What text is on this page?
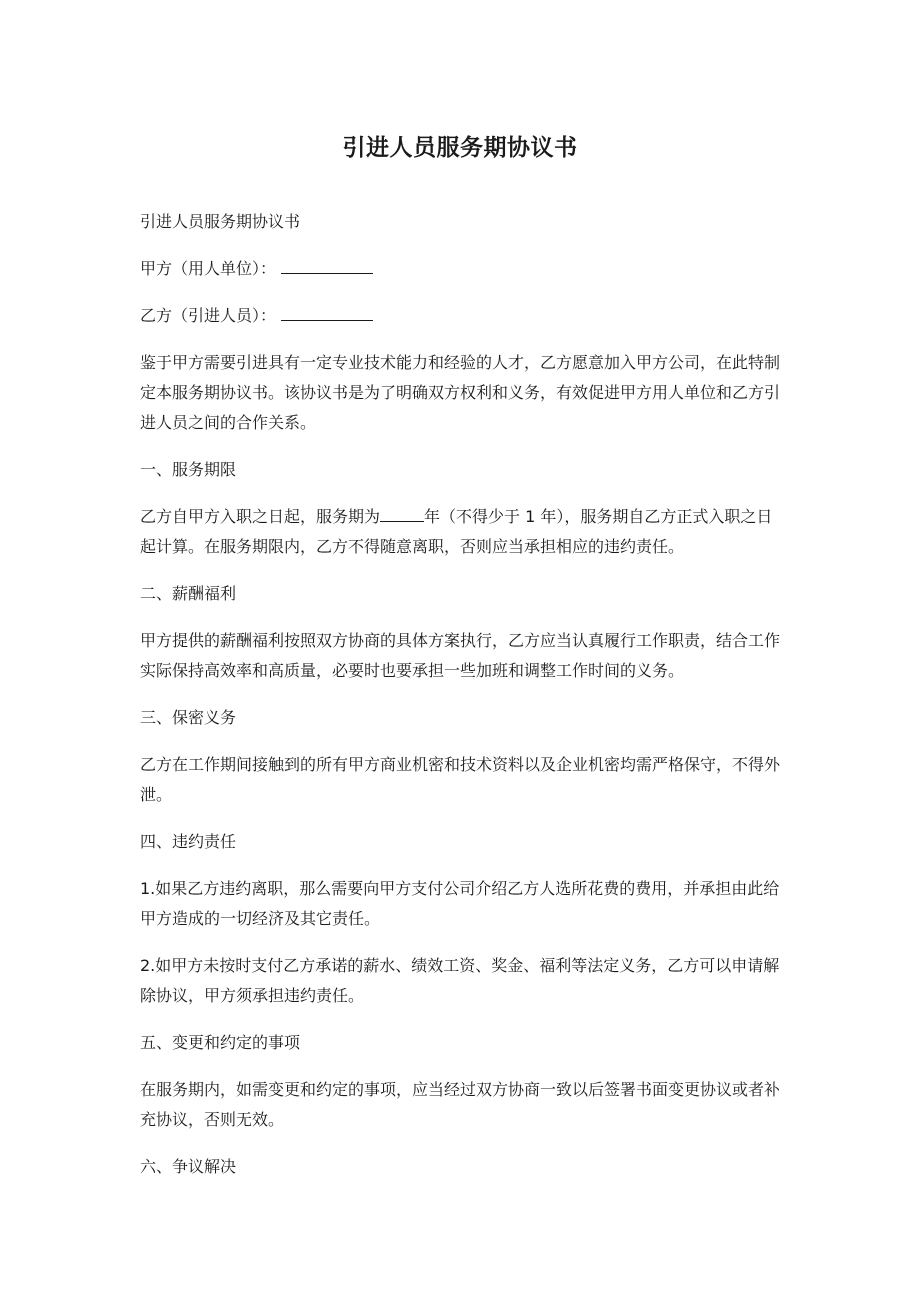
引进人员服务期协议书

引进人员服务期协议书

甲方（用人单位）：

乙方（引进人员）：

鉴于甲方需要引进具有一定专业技术能力和经验的人才，乙方愿意加入甲方公司，在此特制定本服务期协议书。该协议书是为了明确双方权利和义务，有效促进甲方用人单位和乙方引进人员之间的合作关系。

一、服务期限

乙方自甲方入职之日起，服务期为	年（不得少于 1 年），服务期自乙方正式入职之日起计算。在服务期限内，乙方不得随意离职，否则应当承担相应的违约责任。

二、薪酬福利

甲方提供的薪酬福利按照双方协商的具体方案执行，乙方应当认真履行工作职责，结合工作实际保持高效率和高质量，必要时也要承担一些加班和调整工作时间的义务。

三、保密义务

乙方在工作期间接触到的所有甲方商业机密和技术资料以及企业机密均需严格保守，不得外泄。

四、违约责任

1.如果乙方违约离职，那么需要向甲方支付公司介绍乙方人选所花费的费用，并承担由此给甲方造成的一切经济及其它责任。

2.如甲方未按时支付乙方承诺的薪水、绩效工资、奖金、福利等法定义务，乙方可以申请解除协议，甲方须承担违约责任。

五、变更和约定的事项

在服务期内，如需变更和约定的事项，应当经过双方协商一致以后签署书面变更协议或者补充协议，否则无效。

六、争议解决
